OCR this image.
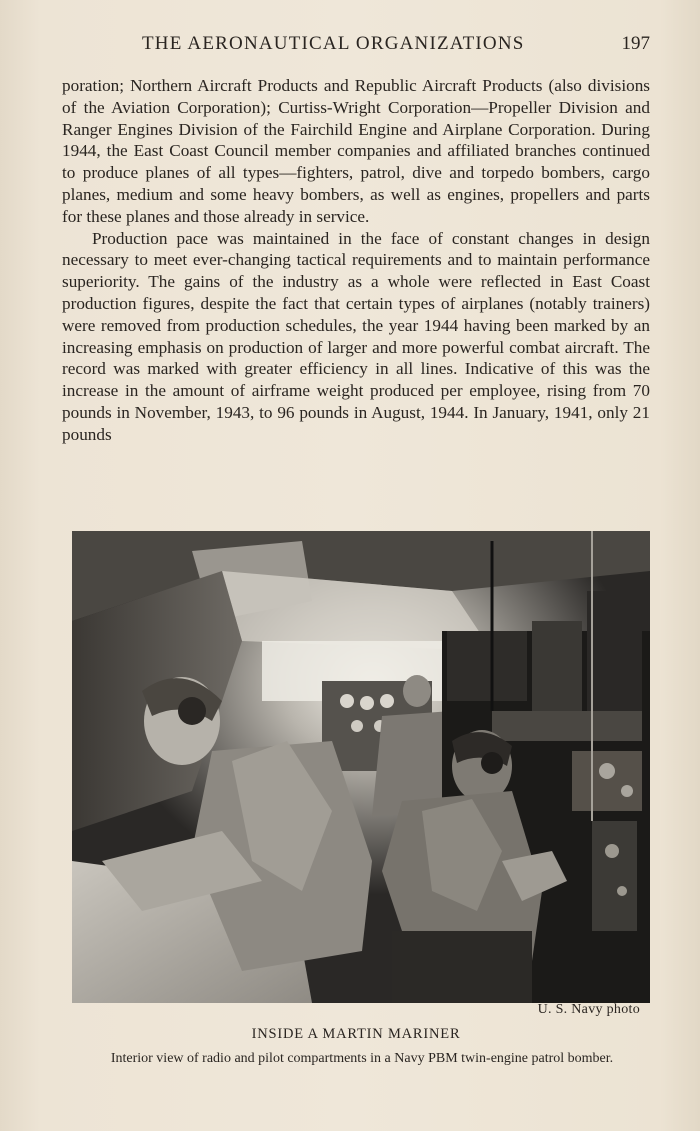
THE AERONAUTICAL ORGANIZATIONS	197

poration; Northern Aircraft Products and Republic Aircraft Products (also divisions of the Aviation Corporation); Curtiss-Wright Corporation—Propeller Division and Ranger Engines Division of the Fairchild Engine and Airplane Corporation. During 1944, the East Coast Council member companies and affiliated branches continued to produce planes of all types—fighters, patrol, dive and torpedo bombers, cargo planes, medium and some heavy bombers, as well as engines, propellers and parts for these planes and those already in service.

Production pace was maintained in the face of constant changes in design necessary to meet ever-changing tactical requirements and to maintain performance superiority. The gains of the industry as a whole were reflected in East Coast production figures, despite the fact that certain types of airplanes (notably trainers) were removed from production schedules, the year 1944 having been marked by an increasing emphasis on production of larger and more powerful combat aircraft. The record was marked with greater efficiency in all lines. Indicative of this was the increase in the amount of airframe weight produced per employee, rising from 70 pounds in November, 1943, to 96 pounds in August, 1944. In January, 1941, only 21 pounds

U. S. Navy photo
INSIDE A MARTIN MARINER
Interior view of radio and pilot compartments in a Navy PBM twin-engine patrol bomber.
